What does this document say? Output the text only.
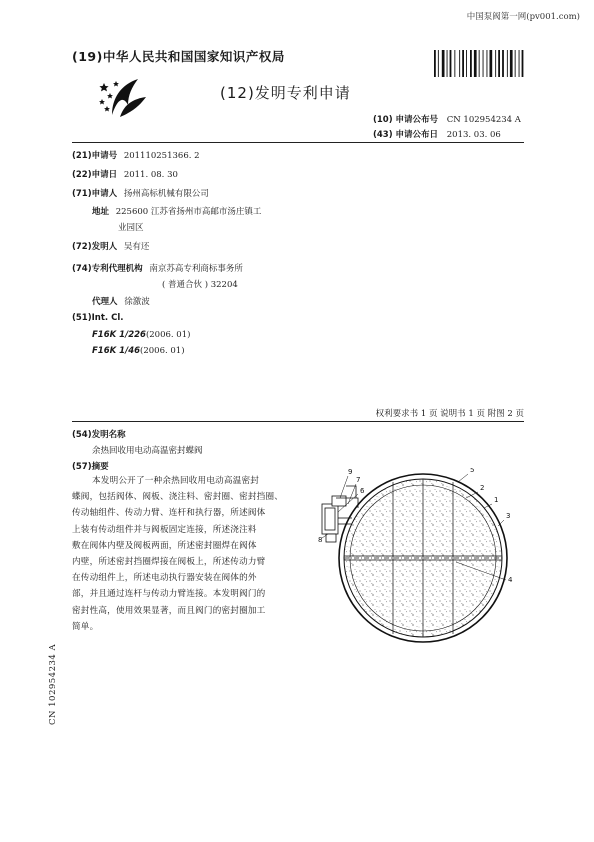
中国泵阀第一网(pv001.com)
(19)中华人民共和国国家知识产权局
(12)发明专利申请
(10) 申请公布号 CN 102954234 A
(43) 申请公布日 2013. 03. 06
(21)申请号 201110251366. 2
(22)申请日 2011. 08. 30
(71)申请人 扬州高标机械有限公司
地址 225600 江苏省扬州市高邮市汤庄镇工
业园区
(72)发明人 吴有还
(74)专利代理机构 南京苏高专利商标事务所
( 普通合伙 ) 32204
代理人 徐激波
(51)Int. Cl.
F16K 1/226(2006. 01)
F16K 1/46(2006. 01)
权利要求书 1 页 说明书 1 页 附图 2 页
(54)发明名称
余热回收用电动高温密封蝶阀
(57)摘要
本发明公开了一种余热回收用电动高温密封
蝶阀，包括阀体、阀板、浇注料、密封圈、密封挡圈、
传动轴组件、传动力臂、连杆和执行器，所述阀体
上装有传动组件并与阀板固定连接，所述浇注料
敷在阀体内壁及阀板两面，所述密封圈焊在阀体
内壁，所述密封挡圈焊接在阀板上，所述传动力臂
在传动组件上，所述电动执行器安装在阀体的外
部，并且通过连杆与传动力臂连接。本发明阀门的
密封性高，使用效果显著，而且阀门的密封圈加工
简单。
9
7
6
8
2
1
3
4
5
CN 102954234 A
